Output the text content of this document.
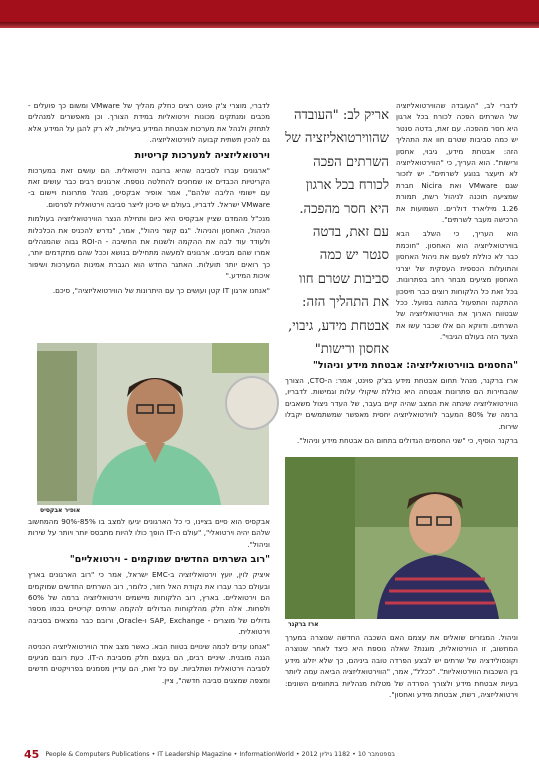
לדברי, מוצרי צ'ק פוינט רצים כחלק מהליך של VMware ומשום כך פועלים - מכבים ומנתקים מכונות וירטואליות במידת הצורך. וכן מאפשרים למנהלים לתחזק ולנהל את מערכות אבטחת המידע ביעילות, לא רק להגן על המידע אלא גם להכין תשתית קבועה לווירטואליזציה.

וירטואליזציה למערכות קריטיות

"ארגונים עברו לסביבה שהיא ברובה וירטואלית. הם עושים זאת במערכות הקריטיות הכבדים או שמחכים להחלטה נוספת. ארגונים רבים כבר עושים זאת עם יישומי הליבה שלהם", אמר אופיר אבקסיס, מנהל פתרונות ויישום ב-VMware ישראל. לדבריו, בעולם יש סיכון לייצר סביבה וירטואלית לפרסום.

מנכ"ל מהמדם שציין אבקסיס היא כיום ותחילת הנצר הווירטואליזציה בעולמות הניהול, האחסון והניהול. "גם קשר ניהול", אמר, "נדרש להכניס את הכלכלות ולעודד עוד לבה את ההקמה ולשנות את החשיבה - ה-ROI גבוה שהמנהלים אמרו שהם מבינים. ארגונים למעשה מתחילים בנושא וככל שהם מתקדמים יותר, כך רואים יותר תועלות. האתגר החדש הוא הגברת אמינות המערכות ושיפור איכות המידע."

"אנחנו ארגון IT קטן ועושים כך עם היתרונות של הווירטואליזציה", סיכם.

אופיר אבקסיס

אבקסיס הוא סיים בציינו, כי כל הארגונים יגיעו למצב בו 85%-90% מהמחשוב שלהם יהיה וירטואלי", "עולם ה-IT הופך כולו להיות מתבסס יותר ויותר על שירות וניהול".

"רוב השרתים החדשים שמוקמים - וירטואליים"

איציק לוין, יועץ וירטואליזציה ב-EMC ישראל, אמר כי "רוב הארגונים בארץ ובעולם כבר עברו את נקודת האל חזור, כלומר, רוב השרתים החדשים שמוקמים הם וירטואליים. בארץ, רוב הלקוחות מיישמים וירטואליזציה ברמה של 60% ולפחות. אלה חלק מהלקוחות הגדולים להקמה שרתים קריטיים בכמו מספר גדולים של מוצרים - SAP, Exchange ו-Oracle, ורובם כבר נמצאים בסביבה וירטואלית.

"אנחנו עדים לכמה שינויים בטווח הבא. כאשר מצב אחד הווירטואליזציה הכניסה הגנה מובנית. שיניים רבים, הם בעצם חלק מסביבת ה-IT. כעת רובם מגיעים לסביבה וירטואלית ושתלביות. עם כל זאת, הם עדיין מסמנים בפרויקטים חדשים ומצפה שמצגים סביבה חדשה", ציין.

אריק לב: "העובדה שהווירטואליזציה של השרתים הפכה לכורח בכל ארגון היא חסר מהפכה. עם זאת, בדטה סנטר יש כמה סביבות שטרם חוו את התהליך הזה: אבטחת מידע, גיבוי, אחסון ורישות"

לדברי לב, "העובדה שהווירטואליזציה של השרתים הפכה לכורח בכל ארגון היא חסר מהפכה. עם זאת, בדטה סנטר יש כמה סביבות שטרם חוו את התהליך הזה: אבטחת מידע, גיבוי, אחסון ורישות". הוא העריך, כי "הווירטואליזציה לא תיעצר בנוגע לשרתים". יש לזכור שגם VMware ואת Nicira חברת שמציעה תוכנה לניהול רשת, תמורת 1.26 מיליארד דולרים. השמועות את הרכישה מעבר לשרתים".

הוא העריך, כי השלב הבא בווירטואליזציה הוא האחסון. "חוכמת כבר לא כוללת לפעם את ניהול האחסון והתועלות הכספית העסקית של יצרני האחסון מציעים מבחר רחב בפתרונות. בכל זאת כל הלקוחות רוצים כבר חיסכון ההתקנה והתפעול בהתנה בפועל. ככל שבטווח הארוך את הווירטואליזציה של השרתים. ודווקא הם אלו שכבר עשו את הצעד הזה בעולם הגיבוי".

"החסמים בווירטואליזציה: אבטחת מידע וניהול"

ארז ברקנר, מנהל תחום אבטחת מידע בצ'ק פוינט, אמר: ה-CTO, הצורך שהבחירות הם פתרונות אבטחה היא כוללת שיקולי עלות וגמישות. לדבריו, הווירטואליזציה שינתה את המצב שהיה קיים בעבר, של העדר ניצול משאבים ברמה של 80% המעבר לווירטואליזציה יחסית מאפשר שמשתמשים יקבלו שירות.

ברקנר הוסיף, כי "שני החסמים הגדולים בתחום הם אבטחת מידע וניהול".

ארז ברקנר

וניהול. המגזרים שואלים את עצמם האם השכבה החדשה שנוצרה במערך המחשוב, זו הווירטואלית, מוגנת? שאלה נוספת היא כיצד לאחר שנוצרה וקונסולידציה של שרתים יש לבצע הפרדה טובה ביניהם, כך שלא יזלוג מידע בין השכבות הווירטואליות". "ככלל", אמר, "הווירטואליזציה הביאה עמה ליותר בעיות אבטחת מידע ולצורך הפרדה של מטלות מנהליות בתחומים השונים: וירטואליזציה, רשת, אבטחת מידע ואחסון".

45 People & Computers Publications • IT Leadership Magazine • InformationWorld • 2012 בספטמבר 10 • 1182 גיליון
